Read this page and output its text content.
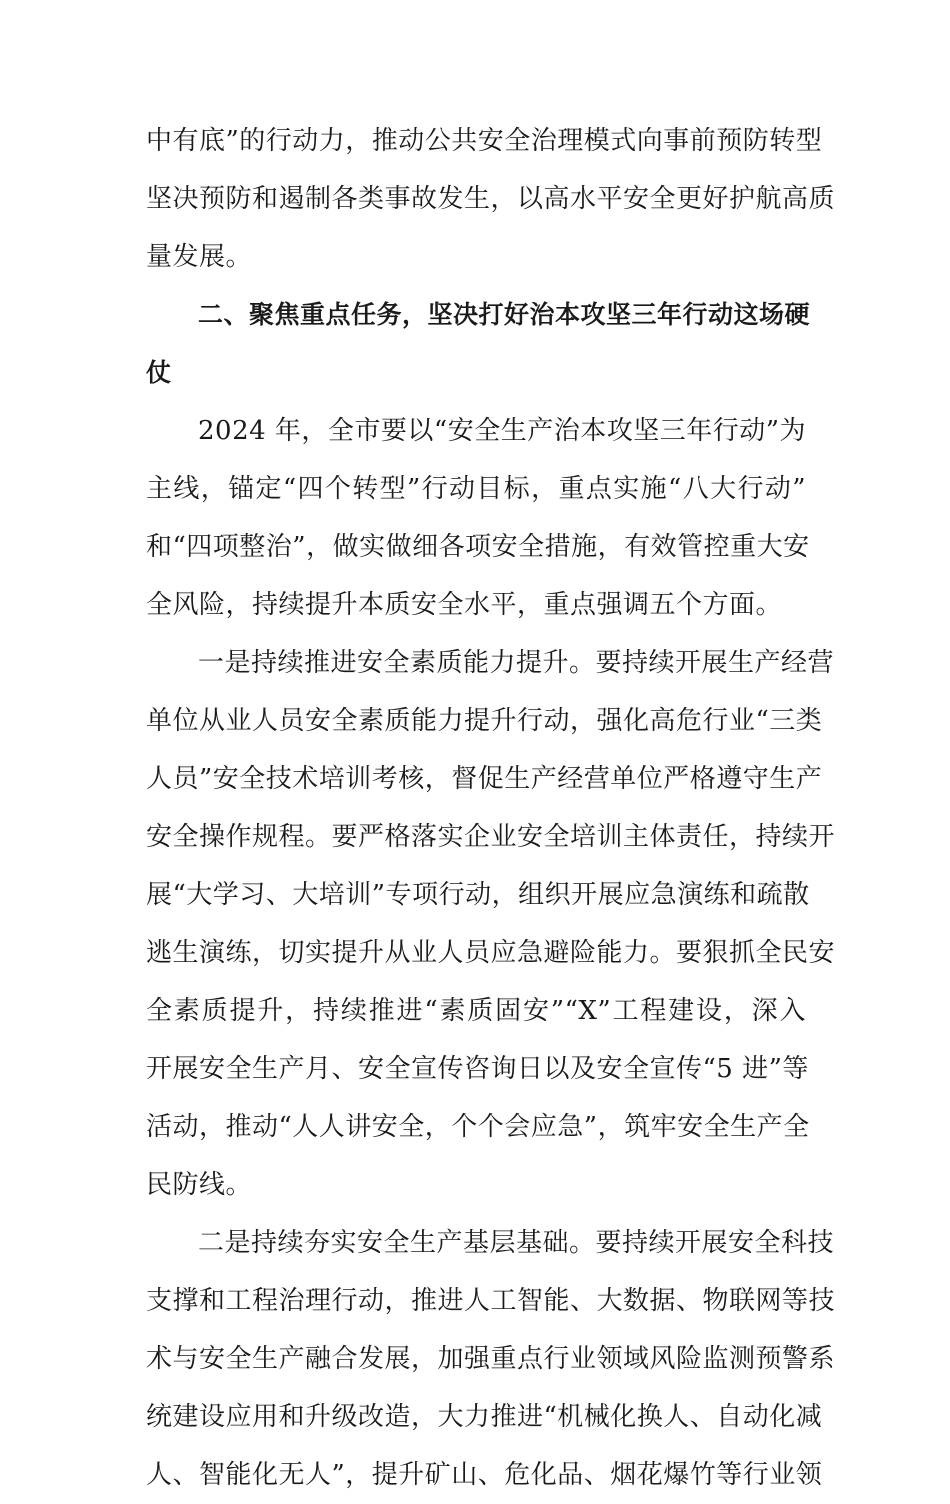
中有底”的行动力，推动公共安全治理模式向事前预防转型
坚决预防和遏制各类事故发生，以高水平安全更好护航高质
量发展。
二、聚焦重点任务，坚决打好治本攻坚三年行动这场硬
仗
2024 年，全市要以“安全生产治本攻坚三年行动”为
主线，锚定“四个转型”行动目标，重点实施“八大行动”
和“四项整治”，做实做细各项安全措施，有效管控重大安
全风险，持续提升本质安全水平，重点强调五个方面。
一是持续推进安全素质能力提升。要持续开展生产经营
单位从业人员安全素质能力提升行动，强化高危行业“三类
人员”安全技术培训考核，督促生产经营单位严格遵守生产
安全操作规程。要严格落实企业安全培训主体责任，持续开
展“大学习、大培训”专项行动，组织开展应急演练和疏散
逃生演练，切实提升从业人员应急避险能力。要狠抓全民安
全素质提升，持续推进“素质固安”“X”工程建设，深入
开展安全生产月、安全宣传咨询日以及安全宣传“5 进”等
活动，推动“人人讲安全，个个会应急”，筑牢安全生产全
民防线。
二是持续夯实安全生产基层基础。要持续开展安全科技
支撑和工程治理行动，推进人工智能、大数据、物联网等技
术与安全生产融合发展，加强重点行业领域风险监测预警系
统建设应用和升级改造，大力推进“机械化换人、自动化减
人、智能化无人”，提升矿山、危化品、烟花爆竹等行业领
